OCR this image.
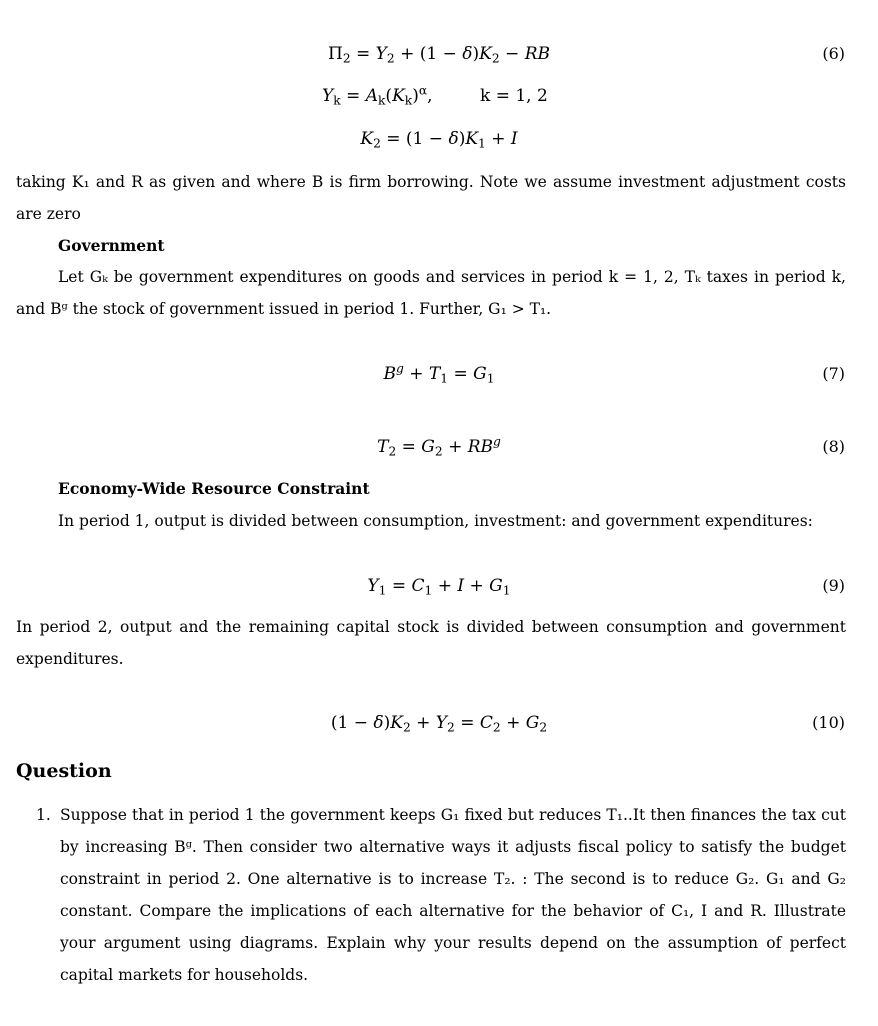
$\Pi_2 = Y_2 + (1 - \delta)K_2$ − RB	(6)
$Y_k = A_k(K_k)^\alpha$,	k = 1, 2
$K_2 = (1 - \delta)K_1 + I$
taking K₁ and R as given and where B is firm borrowing. Note we assume investment adjustment costs are zero
Government
Let Gₖ be government expenditures on goods and services in period k = 1, 2, Tₖ taxes in period k, and Bᵍ the stock of government issued in period 1. Further, G₁ > T₁.
$B^g + T_1 = G_1$	(7)
$T_2 = G_2 + RB^g$	(8)
Economy-Wide Resource Constraint
In period 1, output is divided between consumption, investment: and government expenditures:
$Y_1 = C_1 + I + G_1$	(9)
In period 2, output and the remaining capital stock is divided between consumption and government expenditures.
$(1 - \delta)K_2 + Y_2 = C_2 + G_2$	(10)
Question
1. Suppose that in period 1 the government keeps G₁ fixed but reduces T₁..It then finances the tax cut by increasing Bᵍ. Then consider two alternative ways it adjusts fiscal policy to satisfy the budget constraint in period 2. One alternative is to increase T₂. : The second is to reduce G₂. G₁ and G₂ constant. Compare the implications of each alternative for the behavior of C₁, I and R. Illustrate your argument using diagrams. Explain why your results depend on the assumption of perfect capital markets for households.
